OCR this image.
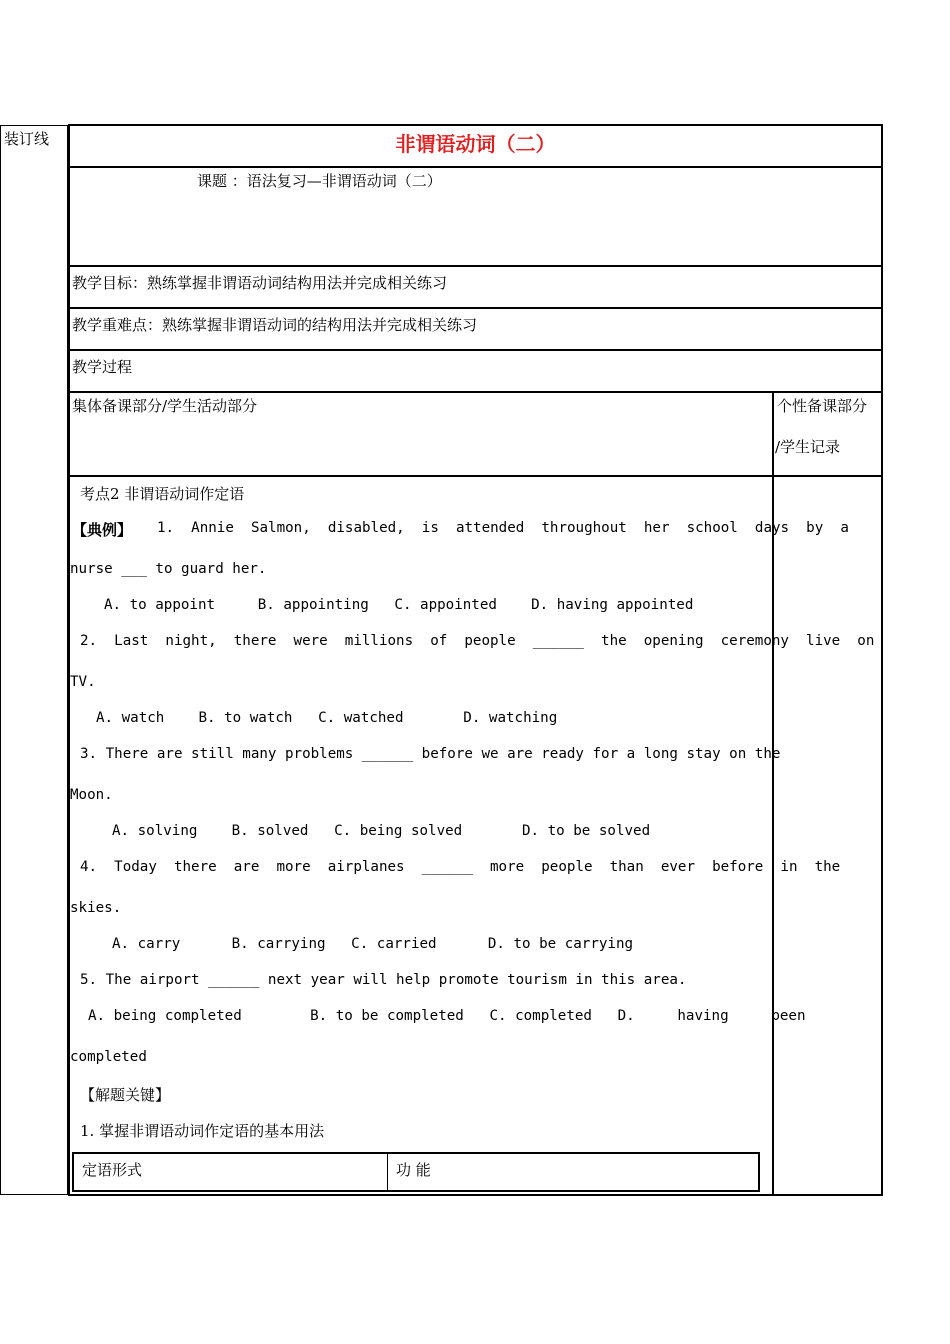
装订线	非谓语动词（二）
课题 ：语法复习—非谓语动词（二）
教学目标：熟练掌握非谓语动词结构用法并完成相关练习
教学重难点：熟练掌握非谓语动词的结构用法并完成相关练习
教学过程
集体备课部分/学生活动部分	个性备课部分
/学生记录
考点2 非谓语动词作定语
【典例】 1.  Annie  Salmon,  disabled,  is  attended  throughout  her  school  days  by  a
nurse ___ to guard her.
A. to appoint     B. appointing   C. appointed    D. having appointed
2.  Last  night,  there  were  millions  of  people  ______  the  opening  ceremony  live  on
TV.
A. watch    B. to watch   C. watched       D. watching
3. There are still many problems ______ before we are ready for a long stay on the
Moon.
A. solving    B. solved   C. being solved       D. to be solved
4.  Today  there  are  more  airplanes  ______  more  people  than  ever  before  in  the
skies.
A. carry      B. carrying   C. carried      D. to be carrying
5. The airport ______ next year will help promote tourism in this area.
A. being completed        B. to be completed   C. completed   D.     having     been
completed
【解题关键】
1. 掌握非谓语动词作定语的基本用法
定语形式	功 能
